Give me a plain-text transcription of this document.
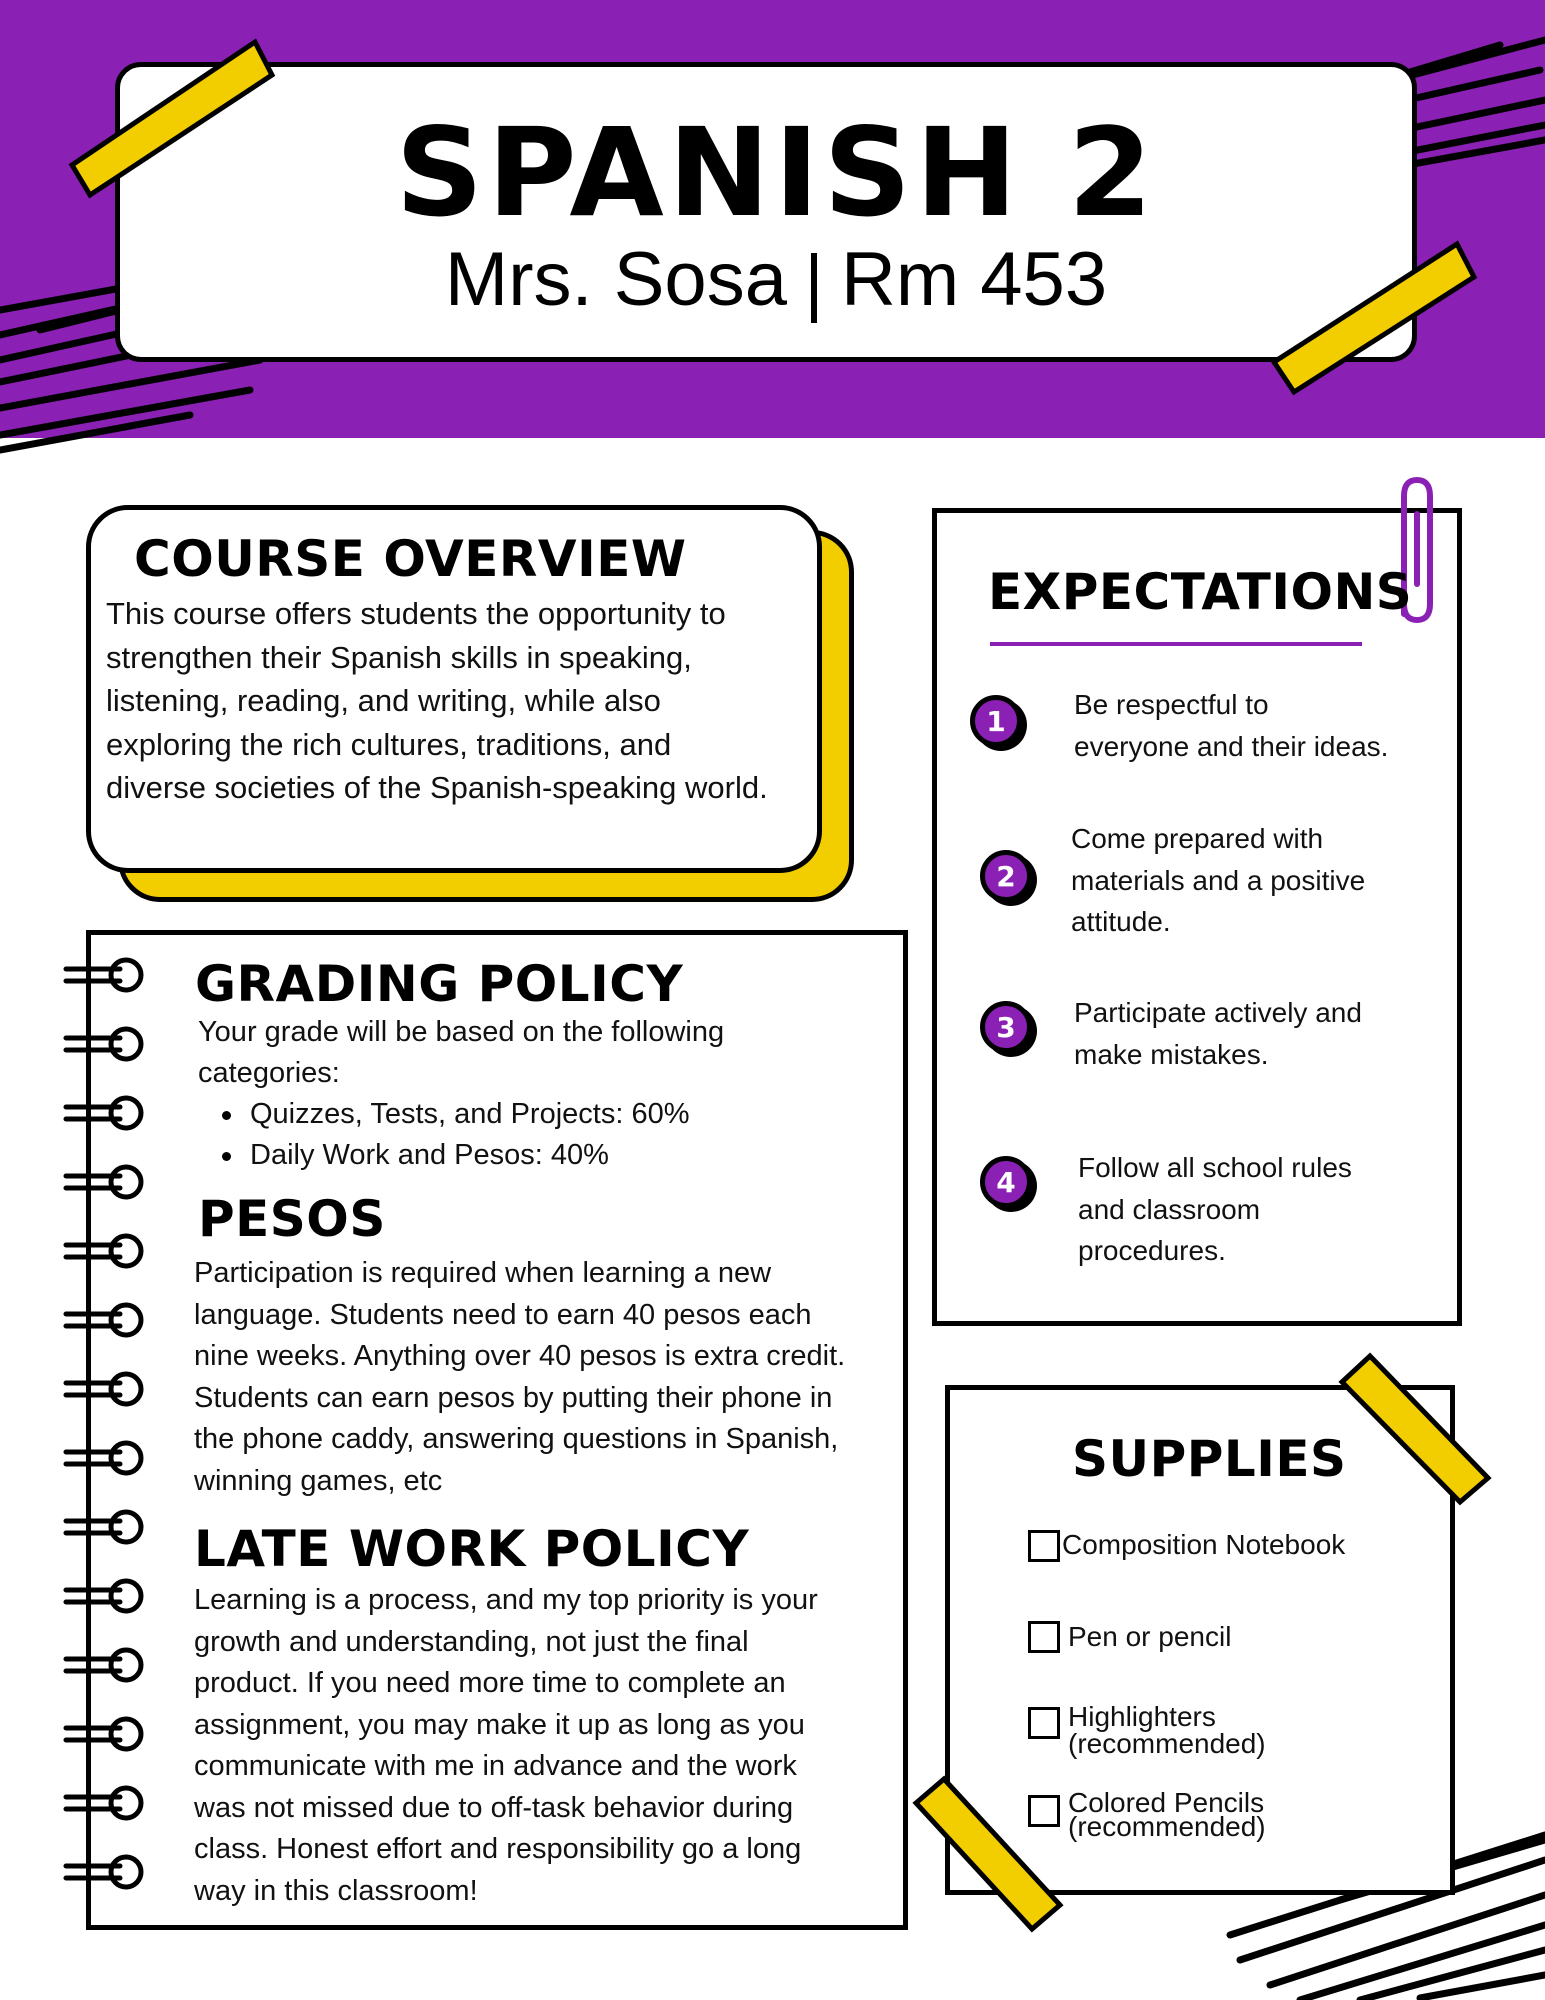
SPANISH 2
Mrs. Sosa Rm 453
COURSE OVERVIEW
This course offers students the opportunity to
strengthen their Spanish skills in speaking,
listening, reading, and writing, while also
exploring the rich cultures, traditions, and
diverse societies of the Spanish-speaking world.
GRADING POLICY
Your grade will be based on the following
categories:
Quizzes, Tests, and Projects: 60%
Daily Work and Pesos: 40%
PESOS
Participation is required when learning a new
language. Students need to earn 40 pesos each
nine weeks. Anything over 40 pesos is extra credit.
Students can earn pesos by putting their phone in
the phone caddy, answering questions in Spanish,
winning games, etc
LATE WORK POLICY
Learning is a process, and my top priority is your
growth and understanding, not just the final
product. If you need more time to complete an
assignment, you may make it up as long as you
communicate with me in advance and the work
was not missed due to off-task behavior during
class. Honest effort and responsibility go a long
way in this classroom!
EXPECTATIONS
1	Be respectful to
everyone and their ideas.
2
Come prepared with
materials and a positive
attitude.
3	Participate actively and
make mistakes.
4	Follow all school rules
and classroom
procedures.
SUPPLIES
Composition Notebook
Pen or pencil
Highlighters
(recommended)
Colored Pencils
(recommended)
